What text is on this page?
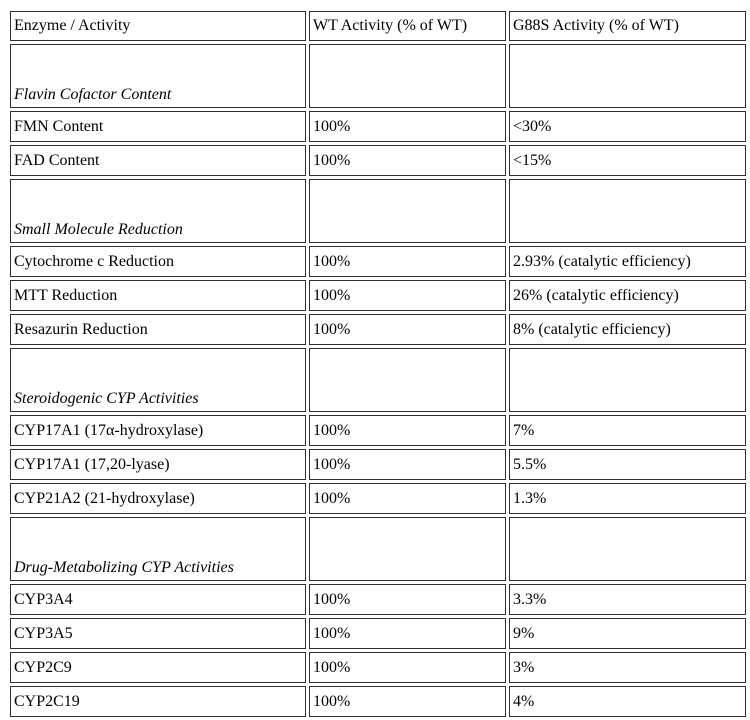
Enzyme / Activity	WT Activity (% of WT)	G88S Activity (% of WT)
Flavin Cofactor Content		
FMN Content	100%	<30%
FAD Content	100%	<15%
Small Molecule Reduction		
Cytochrome c Reduction	100%	2.93% (catalytic efficiency)
MTT Reduction	100%	26% (catalytic efficiency)
Resazurin Reduction	100%	8% (catalytic efficiency)
Steroidogenic CYP Activities		
CYP17A1 (17α-hydroxylase)	100%	7%
CYP17A1 (17,20-lyase)	100%	5.5%
CYP21A2 (21-hydroxylase)	100%	1.3%
Drug-Metabolizing CYP Activities		
CYP3A4	100%	3.3%
CYP3A5	100%	9%
CYP2C9	100%	3%
CYP2C19	100%	4%
